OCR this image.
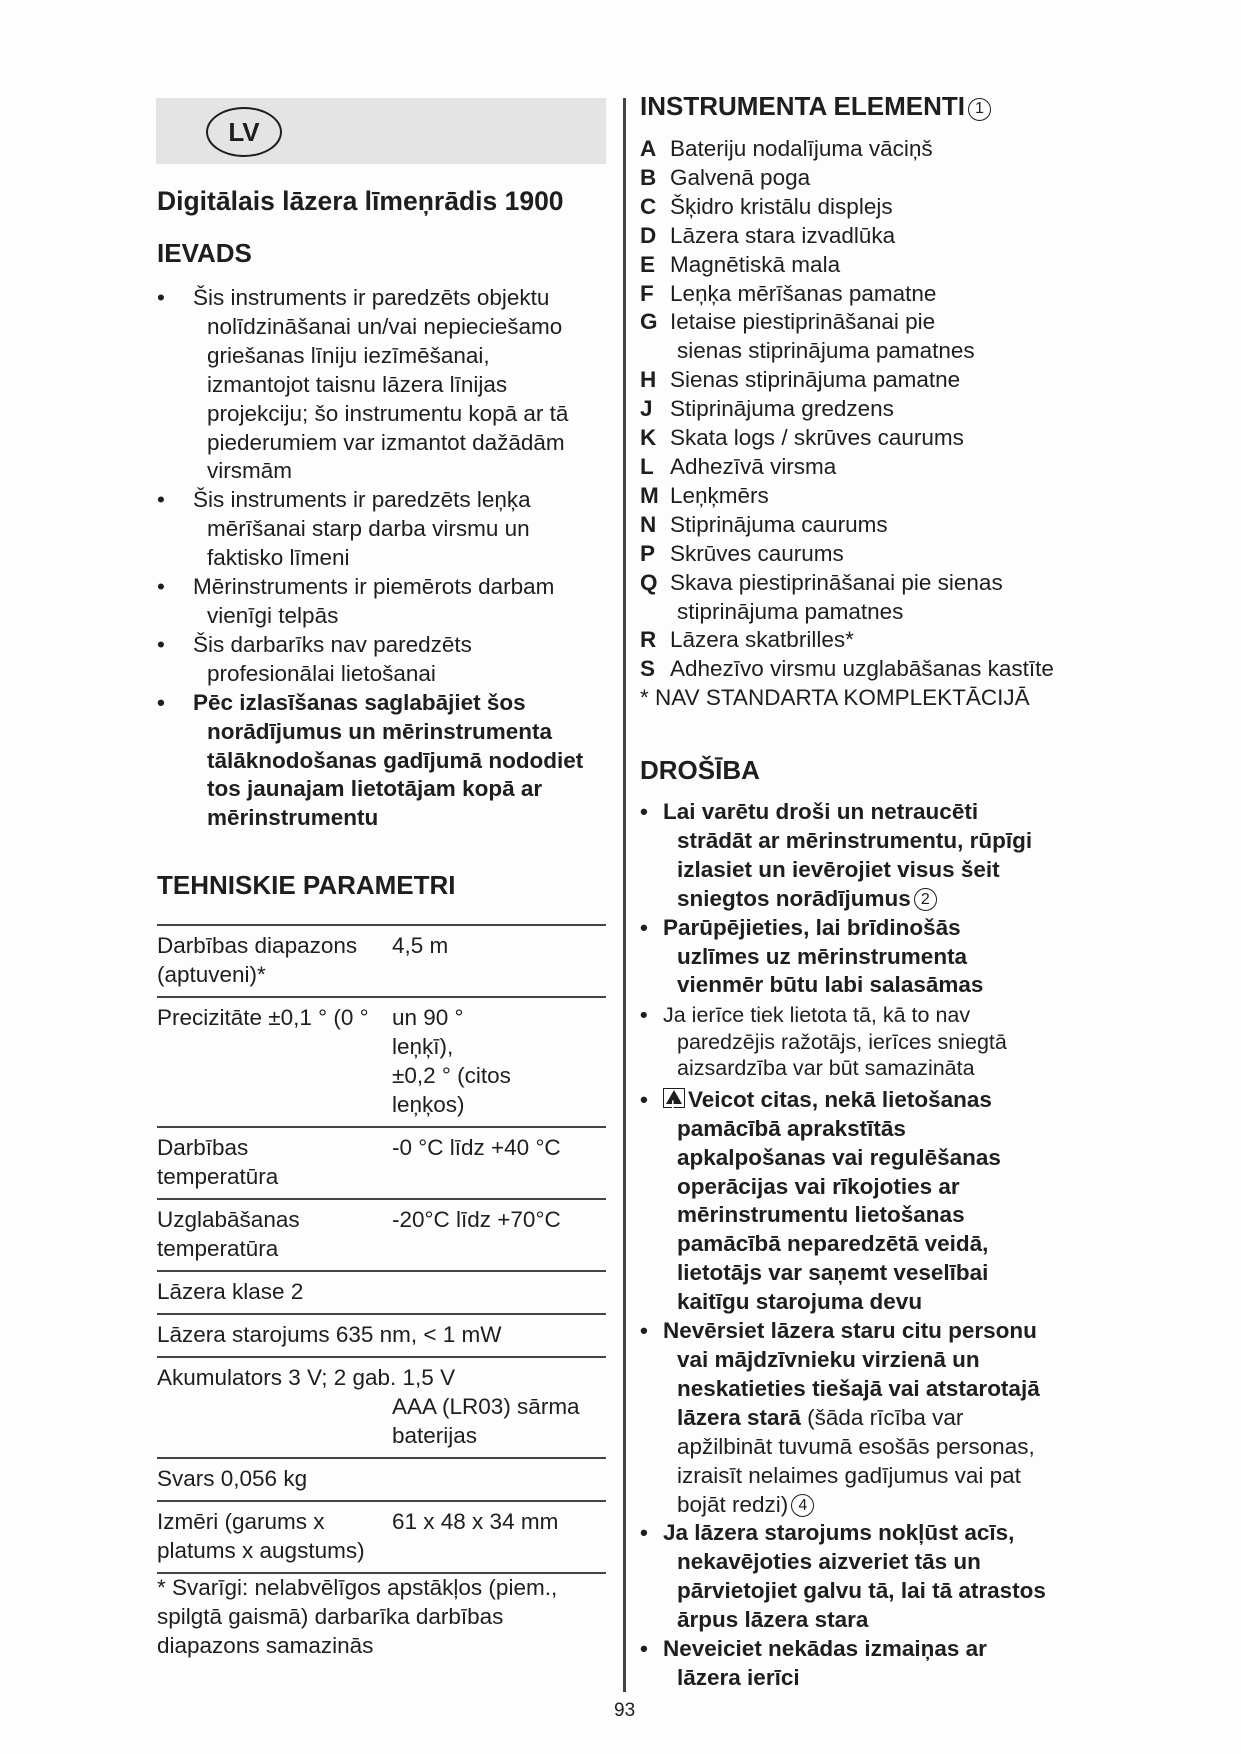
LV
Digitālais lāzera līmeņrādis 1900
IEVADS
• Šis instruments ir paredzēts objektu
nolīdzināšanai un/vai nepieciešamo
griešanas līniju iezīmēšanai,
izmantojot taisnu lāzera līnijas
projekciju; šo instrumentu kopā ar tā
piederumiem var izmantot dažādām
virsmām
• Šis instruments ir paredzēts leņķa
mērīšanai starp darba virsmu un
faktisko līmeni
• Mērinstruments ir piemērots darbam
vienīgi telpās
• Šis darbarīks nav paredzēts
profesionālai lietošanai
• Pēc izlasīšanas saglabājiet šos
norādījumus un mērinstrumenta
tālāknodošanas gadījumā nododiet
tos jaunajam lietotājam kopā ar
mērinstrumentu
TEHNISKIE PARAMETRI
Darbības diapazons
(aptuveni)*	4,5 m

Precizitāte ±0,1 ° (0 °	un 90 °
leņķī),
±0,2 ° (citos
leņķos)

Darbības
temperatūra	-0 °C līdz +40 °C

Uzglabāšanas
temperatūra	-20°C līdz +70°C

Lāzera klase 2	

Lāzera starojums 635 nm, < 1 mW	

Akumulators 3 V; 2 gab. 1,5 V
AAA (LR03) sārma
baterijas	

Svars 0,056 kg	

Izmēri (garums x
platums x augstums)	61 x 48 x 34 mm
* Svarīgi: nelabvēlīgos apstākļos (piem.,
spilgtā gaismā) darbarīka darbības
diapazons samazinās
INSTRUMENTA ELEMENTI 1
A Bateriju nodalījuma vāciņš
B Galvenā poga
C Šķidro kristālu displejs
D Lāzera stara izvadlūka
E Magnētiskā mala
F Leņķa mērīšanas pamatne
G Ietaise piestiprināšanai pie
sienas stiprinājuma pamatnes
H Sienas stiprinājuma pamatne
J Stiprinājuma gredzens
K Skata logs / skrūves caurums
L Adhezīvā virsma
M Leņķmērs
N Stiprinājuma caurums
P Skrūves caurums
Q Skava piestiprināšanai pie sienas
stiprinājuma pamatnes
R Lāzera skatbrilles*
S Adhezīvo virsmu uzglabāšanas kastīte
* NAV STANDARTA KOMPLEKTĀCIJĀ
DROŠĪBA
• Lai varētu droši un netraucēti
strādāt ar mērinstrumentu, rūpīgi
izlasiet un ievērojiet visus šeit
sniegtos norādījumus 2
• Parūpējieties, lai brīdinošās
uzlīmes uz mērinstrumenta
vienmēr būtu labi salasāmas
• Ja ierīce tiek lietota tā, kā to nav
paredzējis ražotājs, ierīces sniegtā
aizsardzība var būt samazināta
• !	Veicot citas, nekā lietošanas
pamācībā aprakstītās
apkalpošanas vai regulēšanas
operācijas vai rīkojoties ar
mērinstrumentu lietošanas
pamācībā neparedzētā veidā,
lietotājs var saņemt veselībai
kaitīgu starojuma devu
• Nevērsiet lāzera staru citu personu
vai mājdzīvnieku virzienā un
neskatieties tiešajā vai atstarotajā
lāzera starā (šāda rīcība var
apžilbināt tuvumā esošās personas,
izraisīt nelaimes gadījumus vai pat
bojāt redzi) 4
• Ja lāzera starojums nokļūst acīs,
nekavējoties aizveriet tās un
pārvietojiet galvu tā, lai tā atrastos
ārpus lāzera stara
• Neveiciet nekādas izmaiņas ar
lāzera ierīci
93
